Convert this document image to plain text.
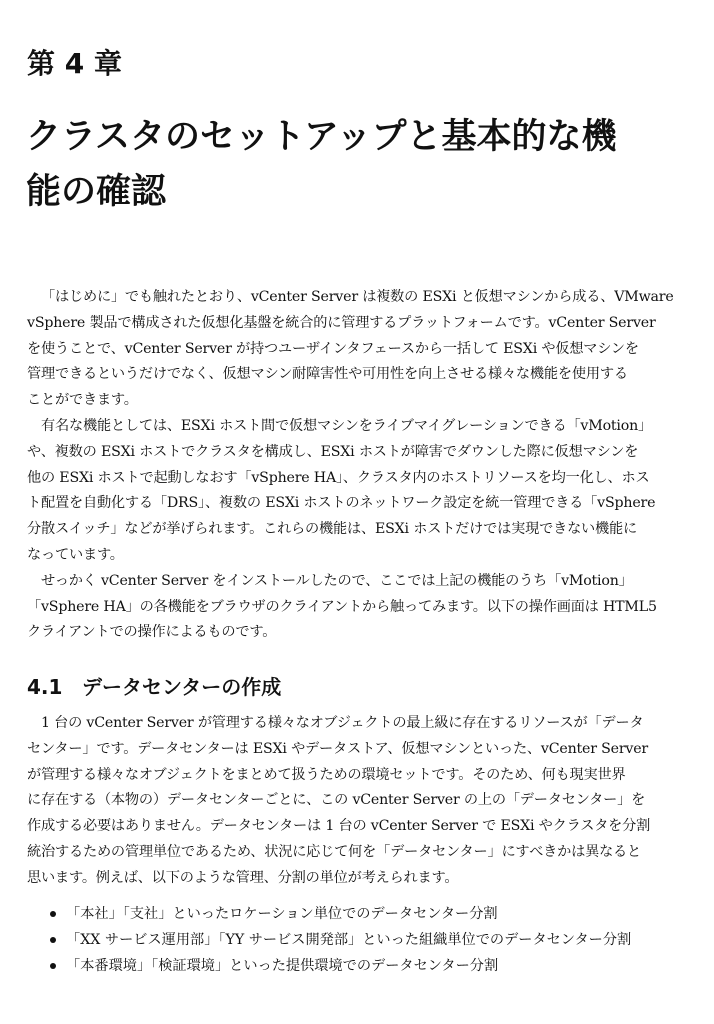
第 4 章
クラスタのセットアップと基本的な機
能の確認
「はじめに」でも触れたとおり、vCenter Server は複数の ESXi と仮想マシンから成る、VMware
vSphere 製品で構成された仮想化基盤を統合的に管理するプラットフォームです。vCenter Server
を使うことで、vCenter Server が持つユーザインタフェースから一括して ESXi や仮想マシンを
管理できるというだけでなく、仮想マシン耐障害性や可用性を向上させる様々な機能を使用する
ことができます。
有名な機能としては、ESXi ホスト間で仮想マシンをライブマイグレーションできる「vMotion」
や、複数の ESXi ホストでクラスタを構成し、ESXi ホストが障害でダウンした際に仮想マシンを
他の ESXi ホストで起動しなおす「vSphere HA」、クラスタ内のホストリソースを均一化し、ホス
ト配置を自動化する「DRS」、複数の ESXi ホストのネットワーク設定を統一管理できる「vSphere
分散スイッチ」などが挙げられます。これらの機能は、ESXi ホストだけでは実現できない機能に
なっています。
せっかく vCenter Server をインストールしたので、ここでは上記の機能のうち「vMotion」
「vSphere HA」の各機能をブラウザのクライアントから触ってみます。以下の操作画面は HTML5
クライアントでの操作によるものです。
4.1 データセンターの作成
1 台の vCenter Server が管理する様々なオブジェクトの最上級に存在するリソースが「データ
センター」です。データセンターは ESXi やデータストア、仮想マシンといった、vCenter Server
が管理する様々なオブジェクトをまとめて扱うための環境セットです。そのため、何も現実世界
に存在する（本物の）データセンターごとに、この vCenter Server の上の「データセンター」を
作成する必要はありません。データセンターは 1 台の vCenter Server で ESXi やクラスタを分割
統治するための管理単位であるため、状況に応じて何を「データセンター」にすべきかは異なると
思います。例えば、以下のような管理、分割の単位が考えられます。
「本社」「支社」といったロケーション単位でのデータセンター分割
「XX サービス運用部」「YY サービス開発部」といった組織単位でのデータセンター分割
「本番環境」「検証環境」といった提供環境でのデータセンター分割
